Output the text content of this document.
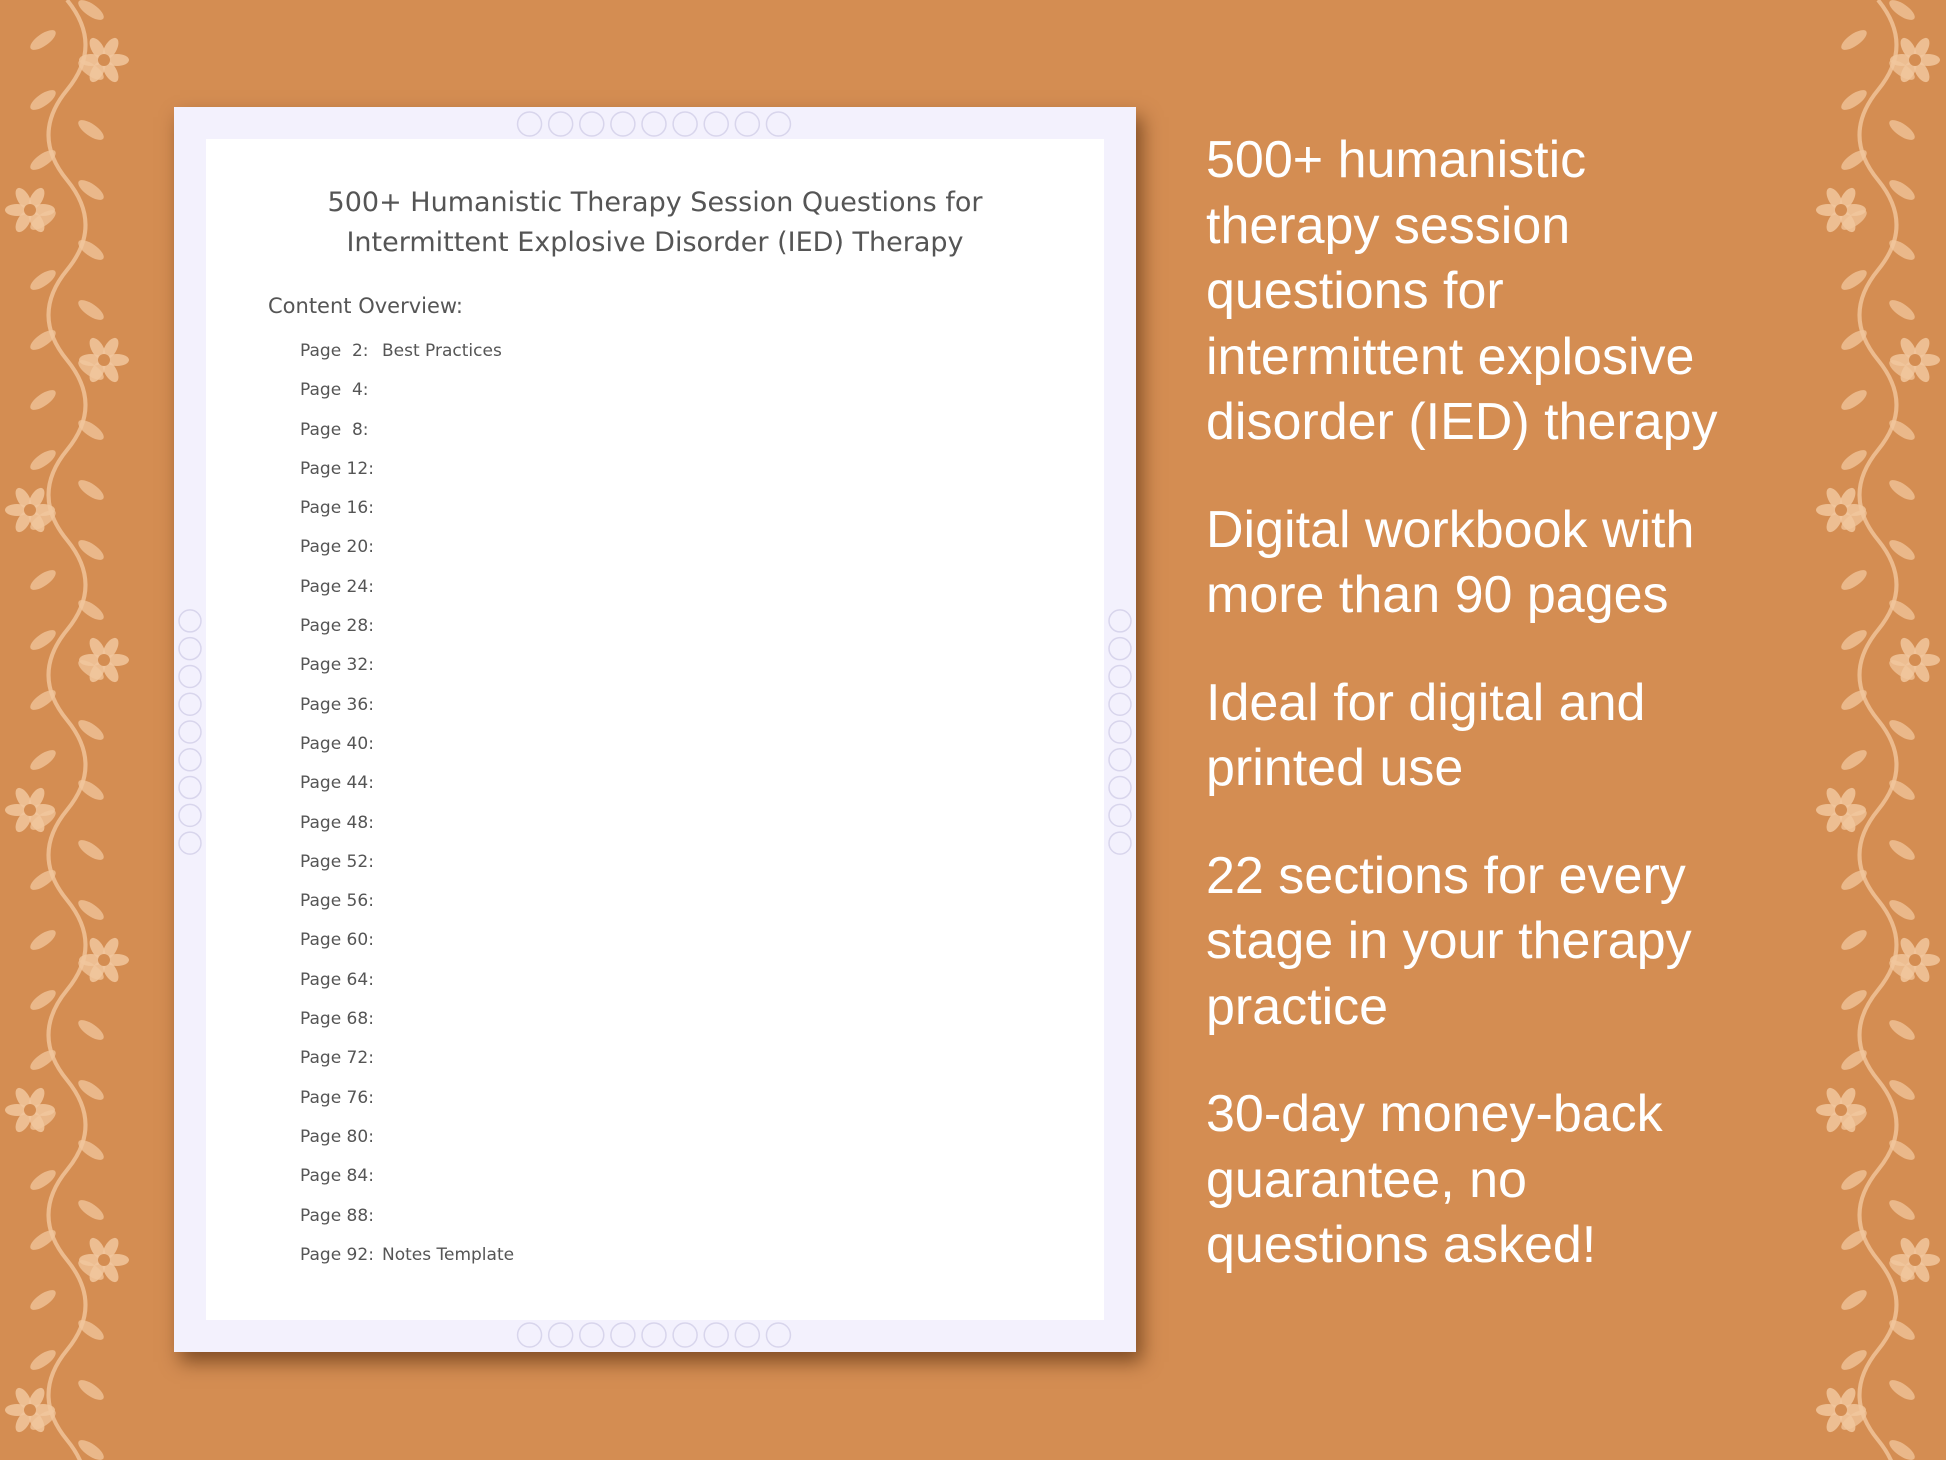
500+ Humanistic Therapy Session Questions for
Intermittent Explosive Disorder (IED) Therapy
Content Overview:
Page  2: Best Practices
Page  4:
Page  8:
Page 12:
Page 16:
Page 20:
Page 24:
Page 28:
Page 32:
Page 36:
Page 40:
Page 44:
Page 48:
Page 52:
Page 56:
Page 60:
Page 64:
Page 68:
Page 72:
Page 76:
Page 80:
Page 84:
Page 88:
Page 92: Notes Template

500+ humanistic
therapy session
questions for
intermittent explosive
disorder (IED) therapy

Digital workbook with
more than 90 pages

Ideal for digital and
printed use

22 sections for every
stage in your therapy
practice

30-day money-back
guarantee, no
questions asked!
